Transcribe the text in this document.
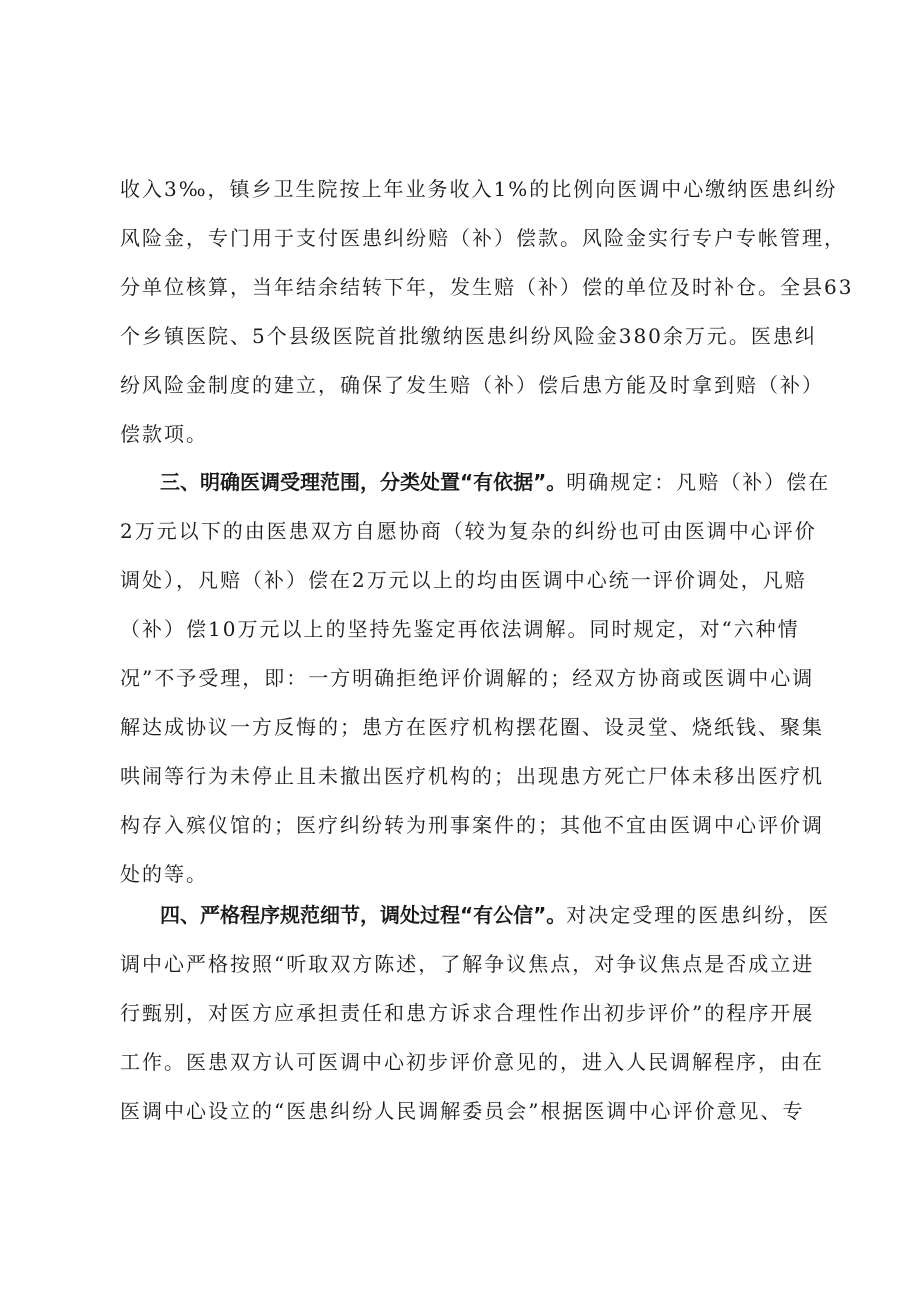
收入3‰，镇乡卫生院按上年业务收入1%的比例向医调中心缴纳医患纠纷
风险金，专门用于支付医患纠纷赔（补）偿款。风险金实行专户专帐管理，
分单位核算，当年结余结转下年，发生赔（补）偿的单位及时补仓。全县63
个乡镇医院、5个县级医院首批缴纳医患纠纷风险金380余万元。医患纠
纷风险金制度的建立，确保了发生赔（补）偿后患方能及时拿到赔（补）
偿款项。
三、明确医调受理范围，分类处置“有依据”。明确规定：凡赔（补）偿在
2万元以下的由医患双方自愿协商（较为复杂的纠纷也可由医调中心评价
调处），凡赔（补）偿在2万元以上的均由医调中心统一评价调处，凡赔
（补）偿10万元以上的坚持先鉴定再依法调解。同时规定，对“六种情
况”不予受理，即：一方明确拒绝评价调解的；经双方协商或医调中心调
解达成协议一方反悔的；患方在医疗机构摆花圈、设灵堂、烧纸钱、聚集
哄闹等行为未停止且未撤出医疗机构的；出现患方死亡尸体未移出医疗机
构存入殡仪馆的；医疗纠纷转为刑事案件的；其他不宜由医调中心评价调
处的等。
四、严格程序规范细节，调处过程“有公信”。对决定受理的医患纠纷，医
调中心严格按照“听取双方陈述，了解争议焦点，对争议焦点是否成立进
行甄别，对医方应承担责任和患方诉求合理性作出初步评价”的程序开展
工作。医患双方认可医调中心初步评价意见的，进入人民调解程序，由在
医调中心设立的“医患纠纷人民调解委员会”根据医调中心评价意见、专
